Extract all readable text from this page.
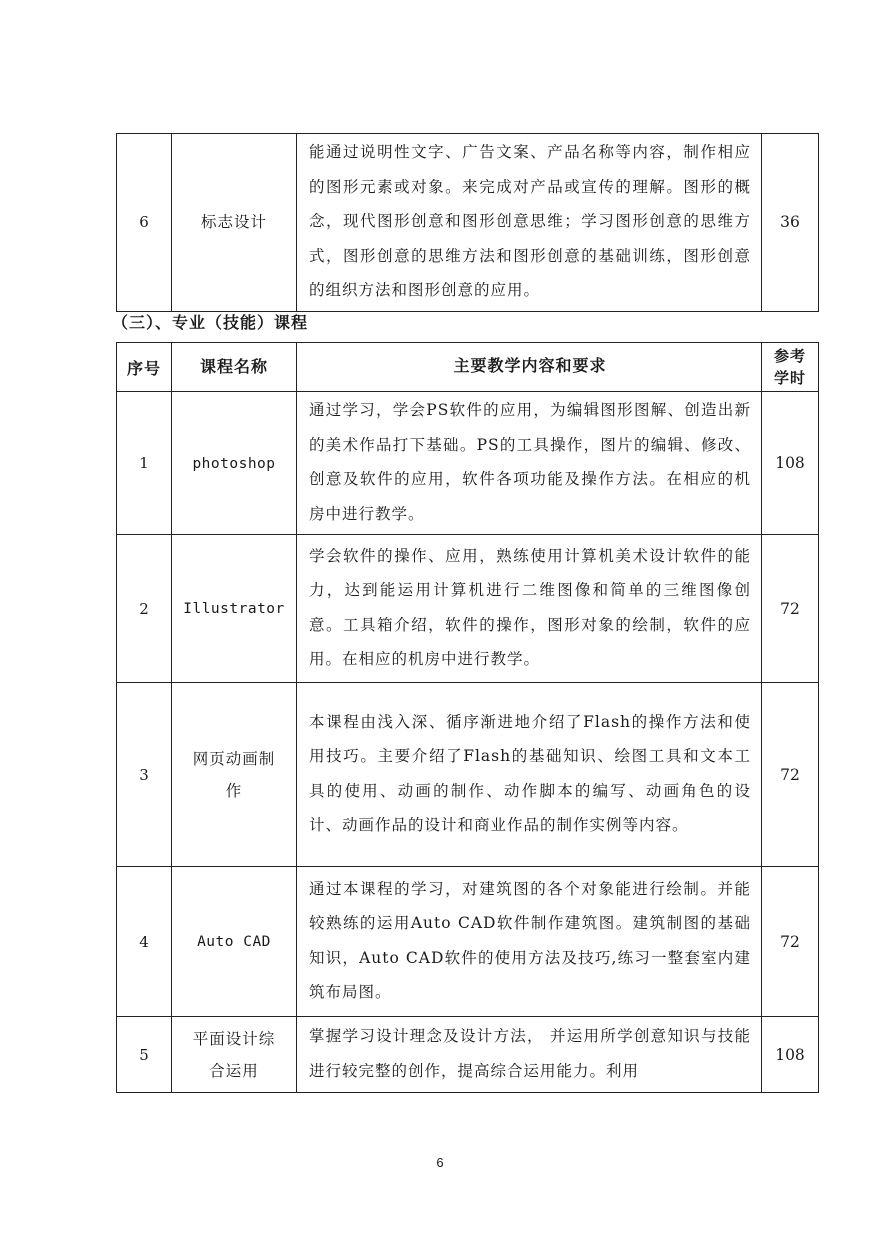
6	标志设计	能通过说明性文字、广告文案、产品名称等内容，制作相应的图形元素或对象。来完成对产品或宣传的理解。图形的概念，现代图形创意和图形创意思维；学习图形创意的思维方式，图形创意的思维方法和图形创意的基础训练，图形创意的组织方法和图形创意的应用。	36
（三）、专业（技能）课程
序号	课程名称	主要教学内容和要求	参考
学时
1	photoshop	通过学习，学会PS软件的应用，为编辑图形图解、创造出新的美术作品打下基础。PS的工具操作，图片的编辑、修改、创意及软件的应用，软件各项功能及操作方法。在相应的机房中进行教学。	108
2	Illustrator	学会软件的操作、应用，熟练使用计算机美术设计软件的能力，达到能运用计算机进行二维图像和简单的三维图像创意。工具箱介绍，软件的操作，图形对象的绘制，软件的应用。在相应的机房中进行教学。	72
3	网页动画制作	本课程由浅入深、循序渐进地介绍了Flash的操作方法和使用技巧。主要介绍了Flash的基础知识、绘图工具和文本工具的使用、动画的制作、动作脚本的编写、动画角色的设计、动画作品的设计和商业作品的制作实例等内容。	72
4	Auto CAD	通过本课程的学习，对建筑图的各个对象能进行绘制。并能较熟练的运用Auto CAD软件制作建筑图。建筑制图的基础知识，Auto CAD软件的使用方法及技巧,练习一整套室内建筑布局图。	72
5	平面设计综合运用	掌握学习设计理念及设计方法， 并运用所学创意知识与技能进行较完整的创作，提高综合运用能力。利用	108
6
